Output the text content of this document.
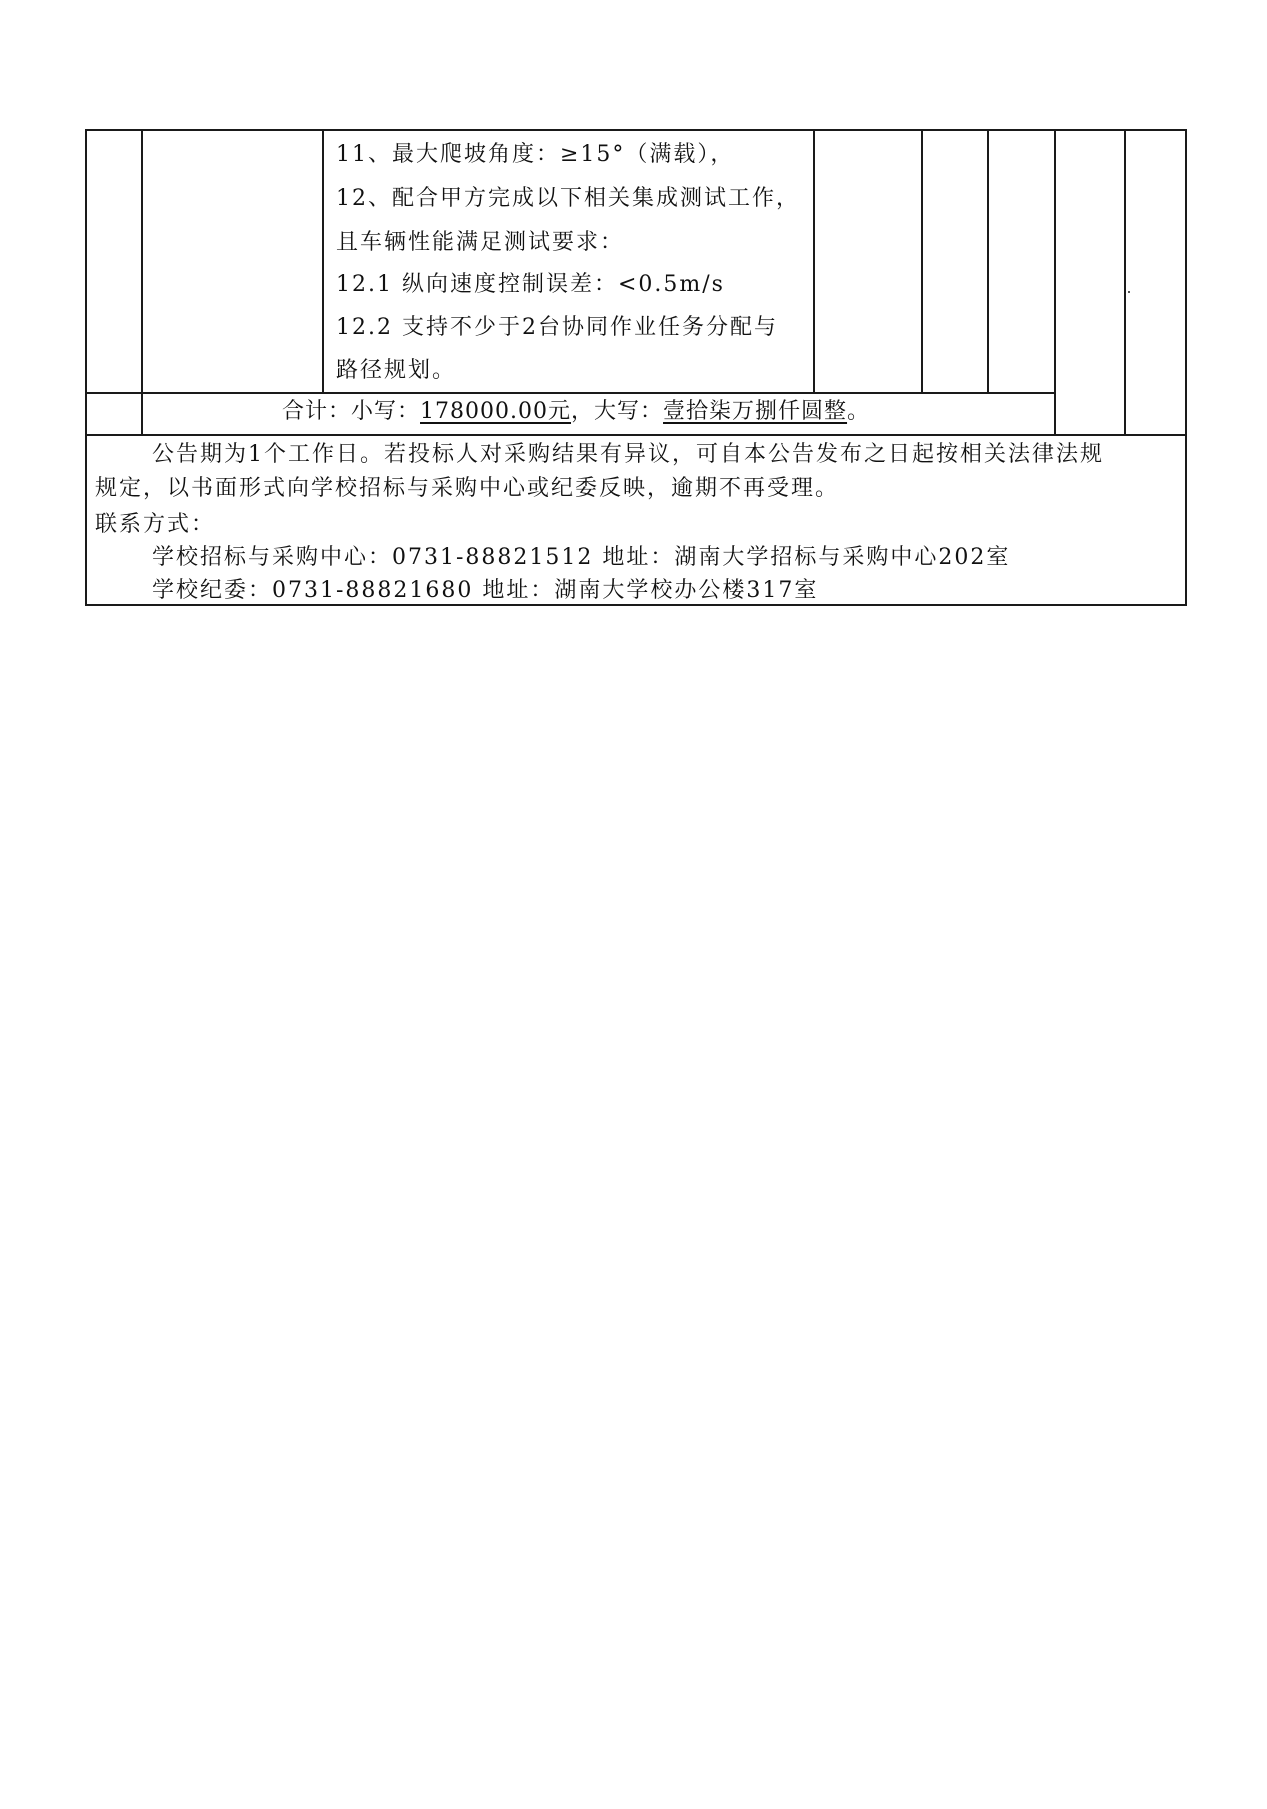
11、最大爬坡角度：≥15°（满载），
12、配合甲方完成以下相关集成测试工作，
且车辆性能满足测试要求：
12.1 纵向速度控制误差：<0.5m/s
12.2 支持不少于2台协同作业任务分配与
路径规划。
合计：小写：178000.00元，大写：壹拾柒万捌仟圆整。
公告期为1个工作日。若投标人对采购结果有异议，可自本公告发布之日起按相关法律法规
规定，以书面形式向学校招标与采购中心或纪委反映，逾期不再受理。
联系方式：
学校招标与采购中心：0731-88821512 地址：湖南大学招标与采购中心202室
学校纪委：0731-88821680 地址：湖南大学校办公楼317室
